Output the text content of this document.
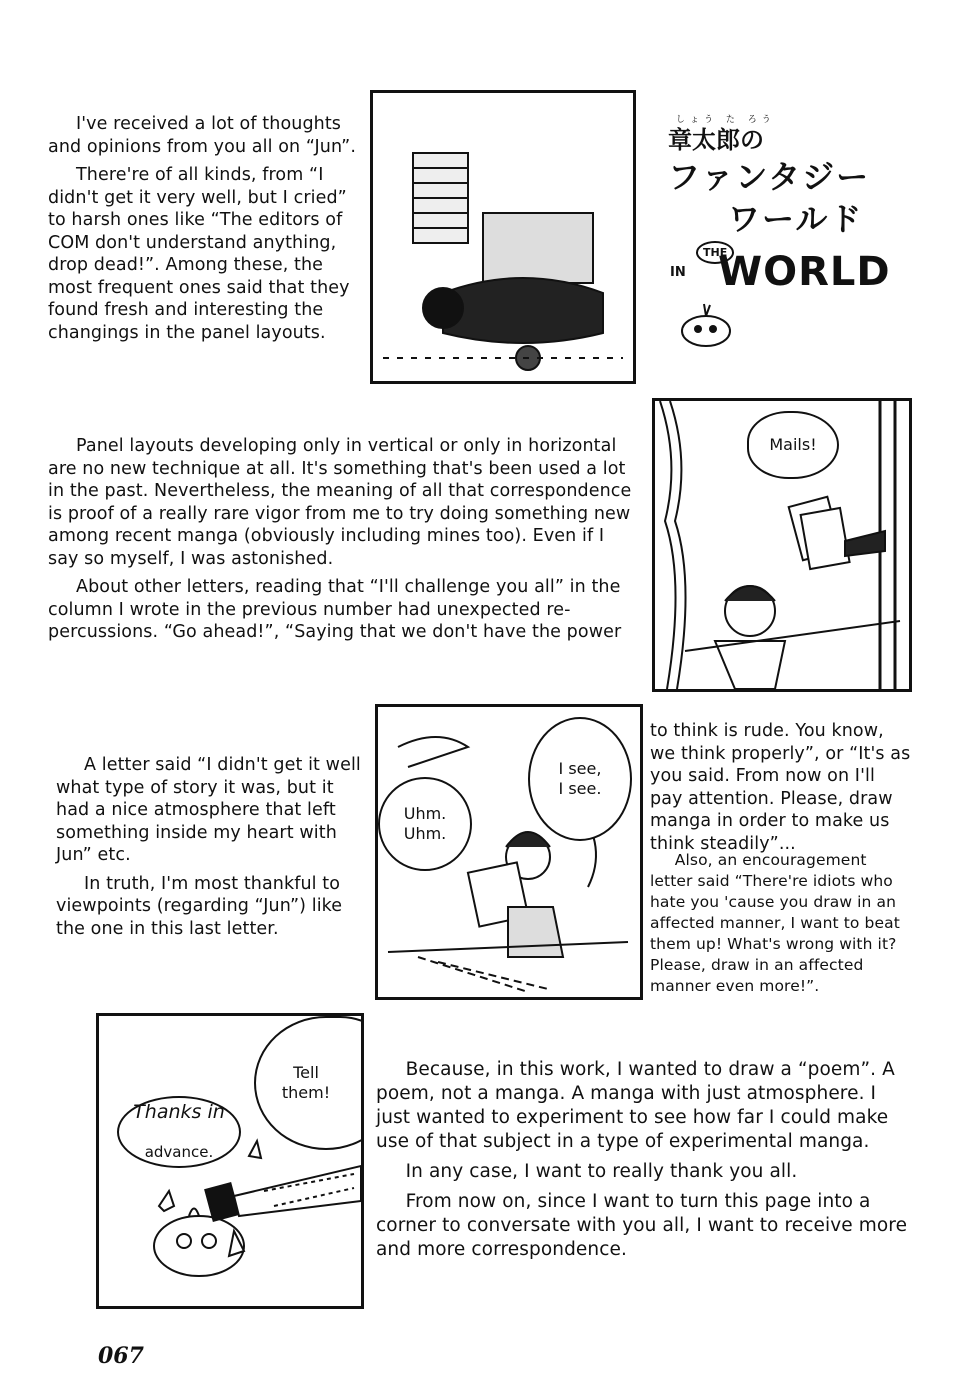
しょう た ろう
章太郎の
ファンタジー
ワールド
THE
IN WORLD

I've received a lot of thoughts and opinions from you all on “Jun”.

There're of all kinds, from “I didn't get it very well, but I cried” to harsh ones like “The editors of COM don't understand anything, drop dead!”. Among these, the most frequent ones said that they found fresh and interesting the changings in the panel layouts.

Mails!

Panel layouts developing only in vertical or only in horizontal are no new technique at all. It's something that's been used a lot in the past. Nevertheless, the meaning of all that correspondence is proof of a really rare vigor from me to try doing something new among recent manga (obviously including mines too). Even if I say so myself, I was astonished.

About other letters, reading that “I'll challenge you all” in the column I wrote in the previous number had unexpected re-percussions. “Go ahead!”, “Saying that we don't have the power

I see,
I see.
Uhm.
Uhm.

A letter said “I didn't get it well what type of story it was, but it had a nice atmosphere that left something inside my heart with Jun” etc.

In truth, I'm most thankful to viewpoints (regarding “Jun”) like the one in this last letter.

to think is rude. You know, we think properly”, or “It's as you said. From now on I'll pay attention. Please, draw manga in order to make us think steadily”...

Also, an encouragement letter said “There're idiots who hate you 'cause you draw in an affected manner, I want to beat them up! What's wrong with it? Please, draw in an affected manner even more!”.

Tell
them!

Thanks in

advance.

Because, in this work, I wanted to draw a “poem”. A poem, not a manga. A manga with just atmosphere. I just wanted to experiment to see how far I could make use of that subject in a type of experimental manga.

In any case, I want to really thank you all.

From now on, since I want to turn this page into a corner to conversate with you all, I want to receive more and more correspondence.

067
